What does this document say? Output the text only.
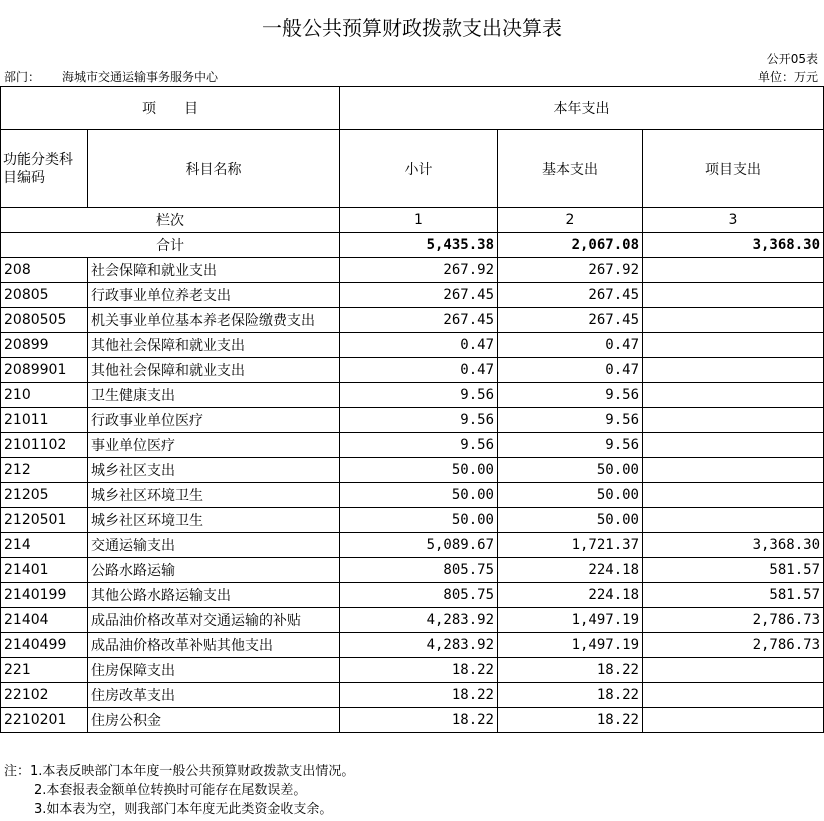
一般公共预算财政拨款支出决算表
公开05表
部门： 海城市交通运输事务服务中心	单位：万元
项　　目		本年支出		
功能分类科目编码	科目名称	小计	基本支出	项目支出
栏次		1	2	3
合计		5,435.38	2,067.08	3,368.30
208	社会保障和就业支出	267.92	267.92	
20805	行政事业单位养老支出	267.45	267.45	
2080505	机关事业单位基本养老保险缴费支出	267.45	267.45	
20899	其他社会保障和就业支出	0.47	0.47	
2089901	其他社会保障和就业支出	0.47	0.47	
210	卫生健康支出	9.56	9.56	
21011	行政事业单位医疗	9.56	9.56	
2101102	事业单位医疗	9.56	9.56	
212	城乡社区支出	50.00	50.00	
21205	城乡社区环境卫生	50.00	50.00	
2120501	城乡社区环境卫生	50.00	50.00	
214	交通运输支出	5,089.67	1,721.37	3,368.30
21401	公路水路运输	805.75	224.18	581.57
2140199	其他公路水路运输支出	805.75	224.18	581.57
21404	成品油价格改革对交通运输的补贴	4,283.92	1,497.19	2,786.73
2140499	成品油价格改革补贴其他支出	4,283.92	1,497.19	2,786.73
221	住房保障支出	18.22	18.22	
22102	住房改革支出	18.22	18.22	
2210201	住房公积金	18.22	18.22	
注：1.本表反映部门本年度一般公共预算财政拨款支出情况。
2.本套报表金额单位转换时可能存在尾数误差。
3.如本表为空，则我部门本年度无此类资金收支余。
